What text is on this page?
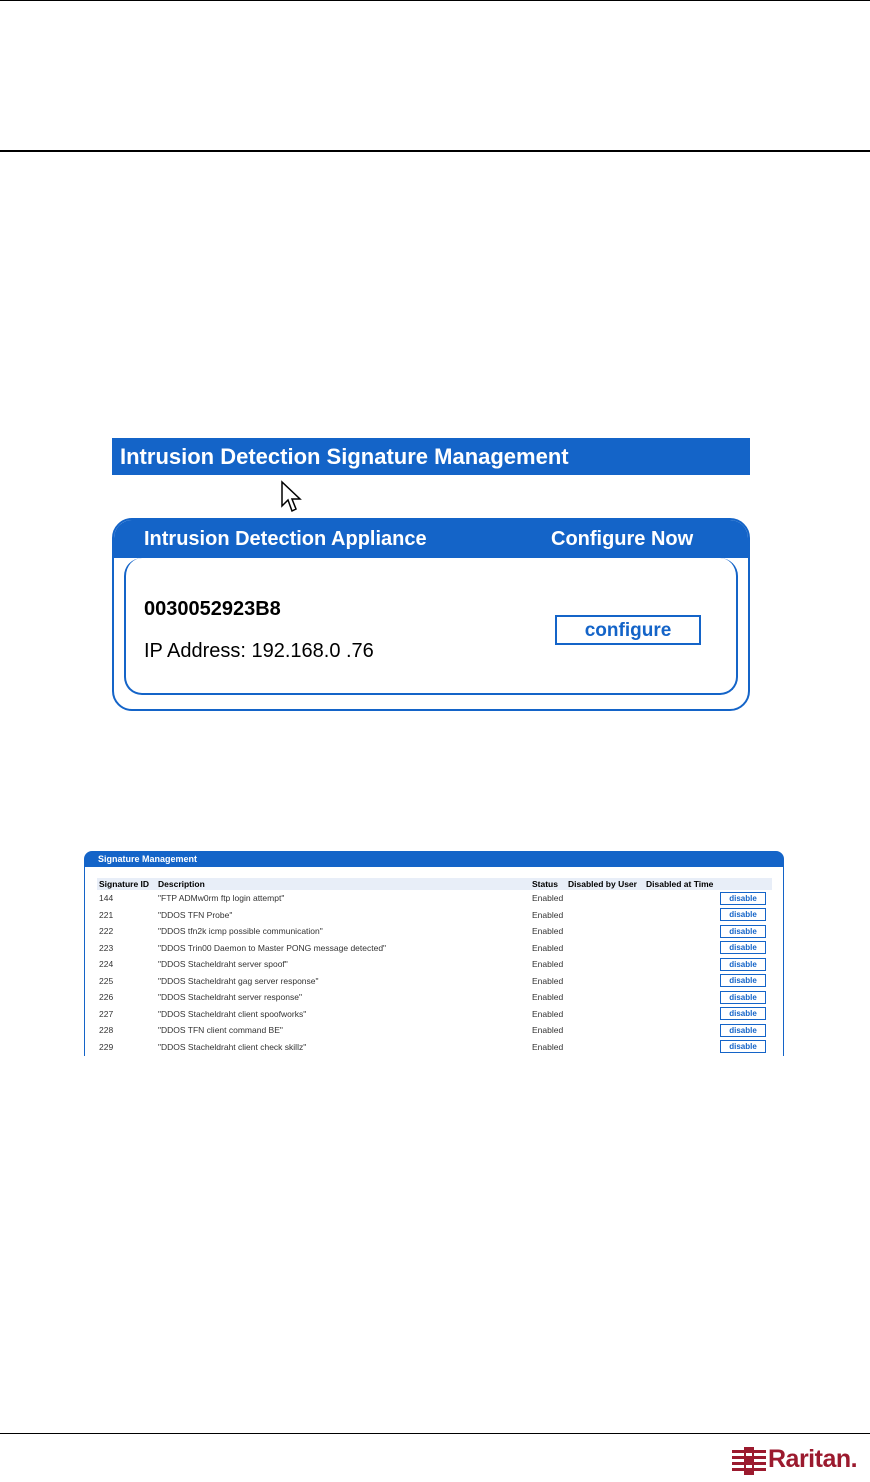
Intrusion Detection Signature Management
Intrusion Detection Appliance	Configure Now
0030052923B8
IP Address: 192.168.0 .76
configure
Signature Management
Signature ID	Description	Status	Disabled by User	Disabled at Time	
144	"FTP ADMw0rm ftp login attempt"	Enabled			disable
221	"DDOS TFN Probe"	Enabled			disable
222	"DDOS tfn2k icmp possible communication"	Enabled			disable
223	"DDOS Trin00 Daemon to Master PONG message detected"	Enabled			disable
224	"DDOS Stacheldraht server spoof"	Enabled			disable
225	"DDOS Stacheldraht gag server response"	Enabled			disable
226	"DDOS Stacheldraht server response"	Enabled			disable
227	"DDOS Stacheldraht client spoofworks"	Enabled			disable
228	"DDOS TFN client command BE"	Enabled			disable
229	"DDOS Stacheldraht client check skillz"	Enabled			disable
Raritan.
